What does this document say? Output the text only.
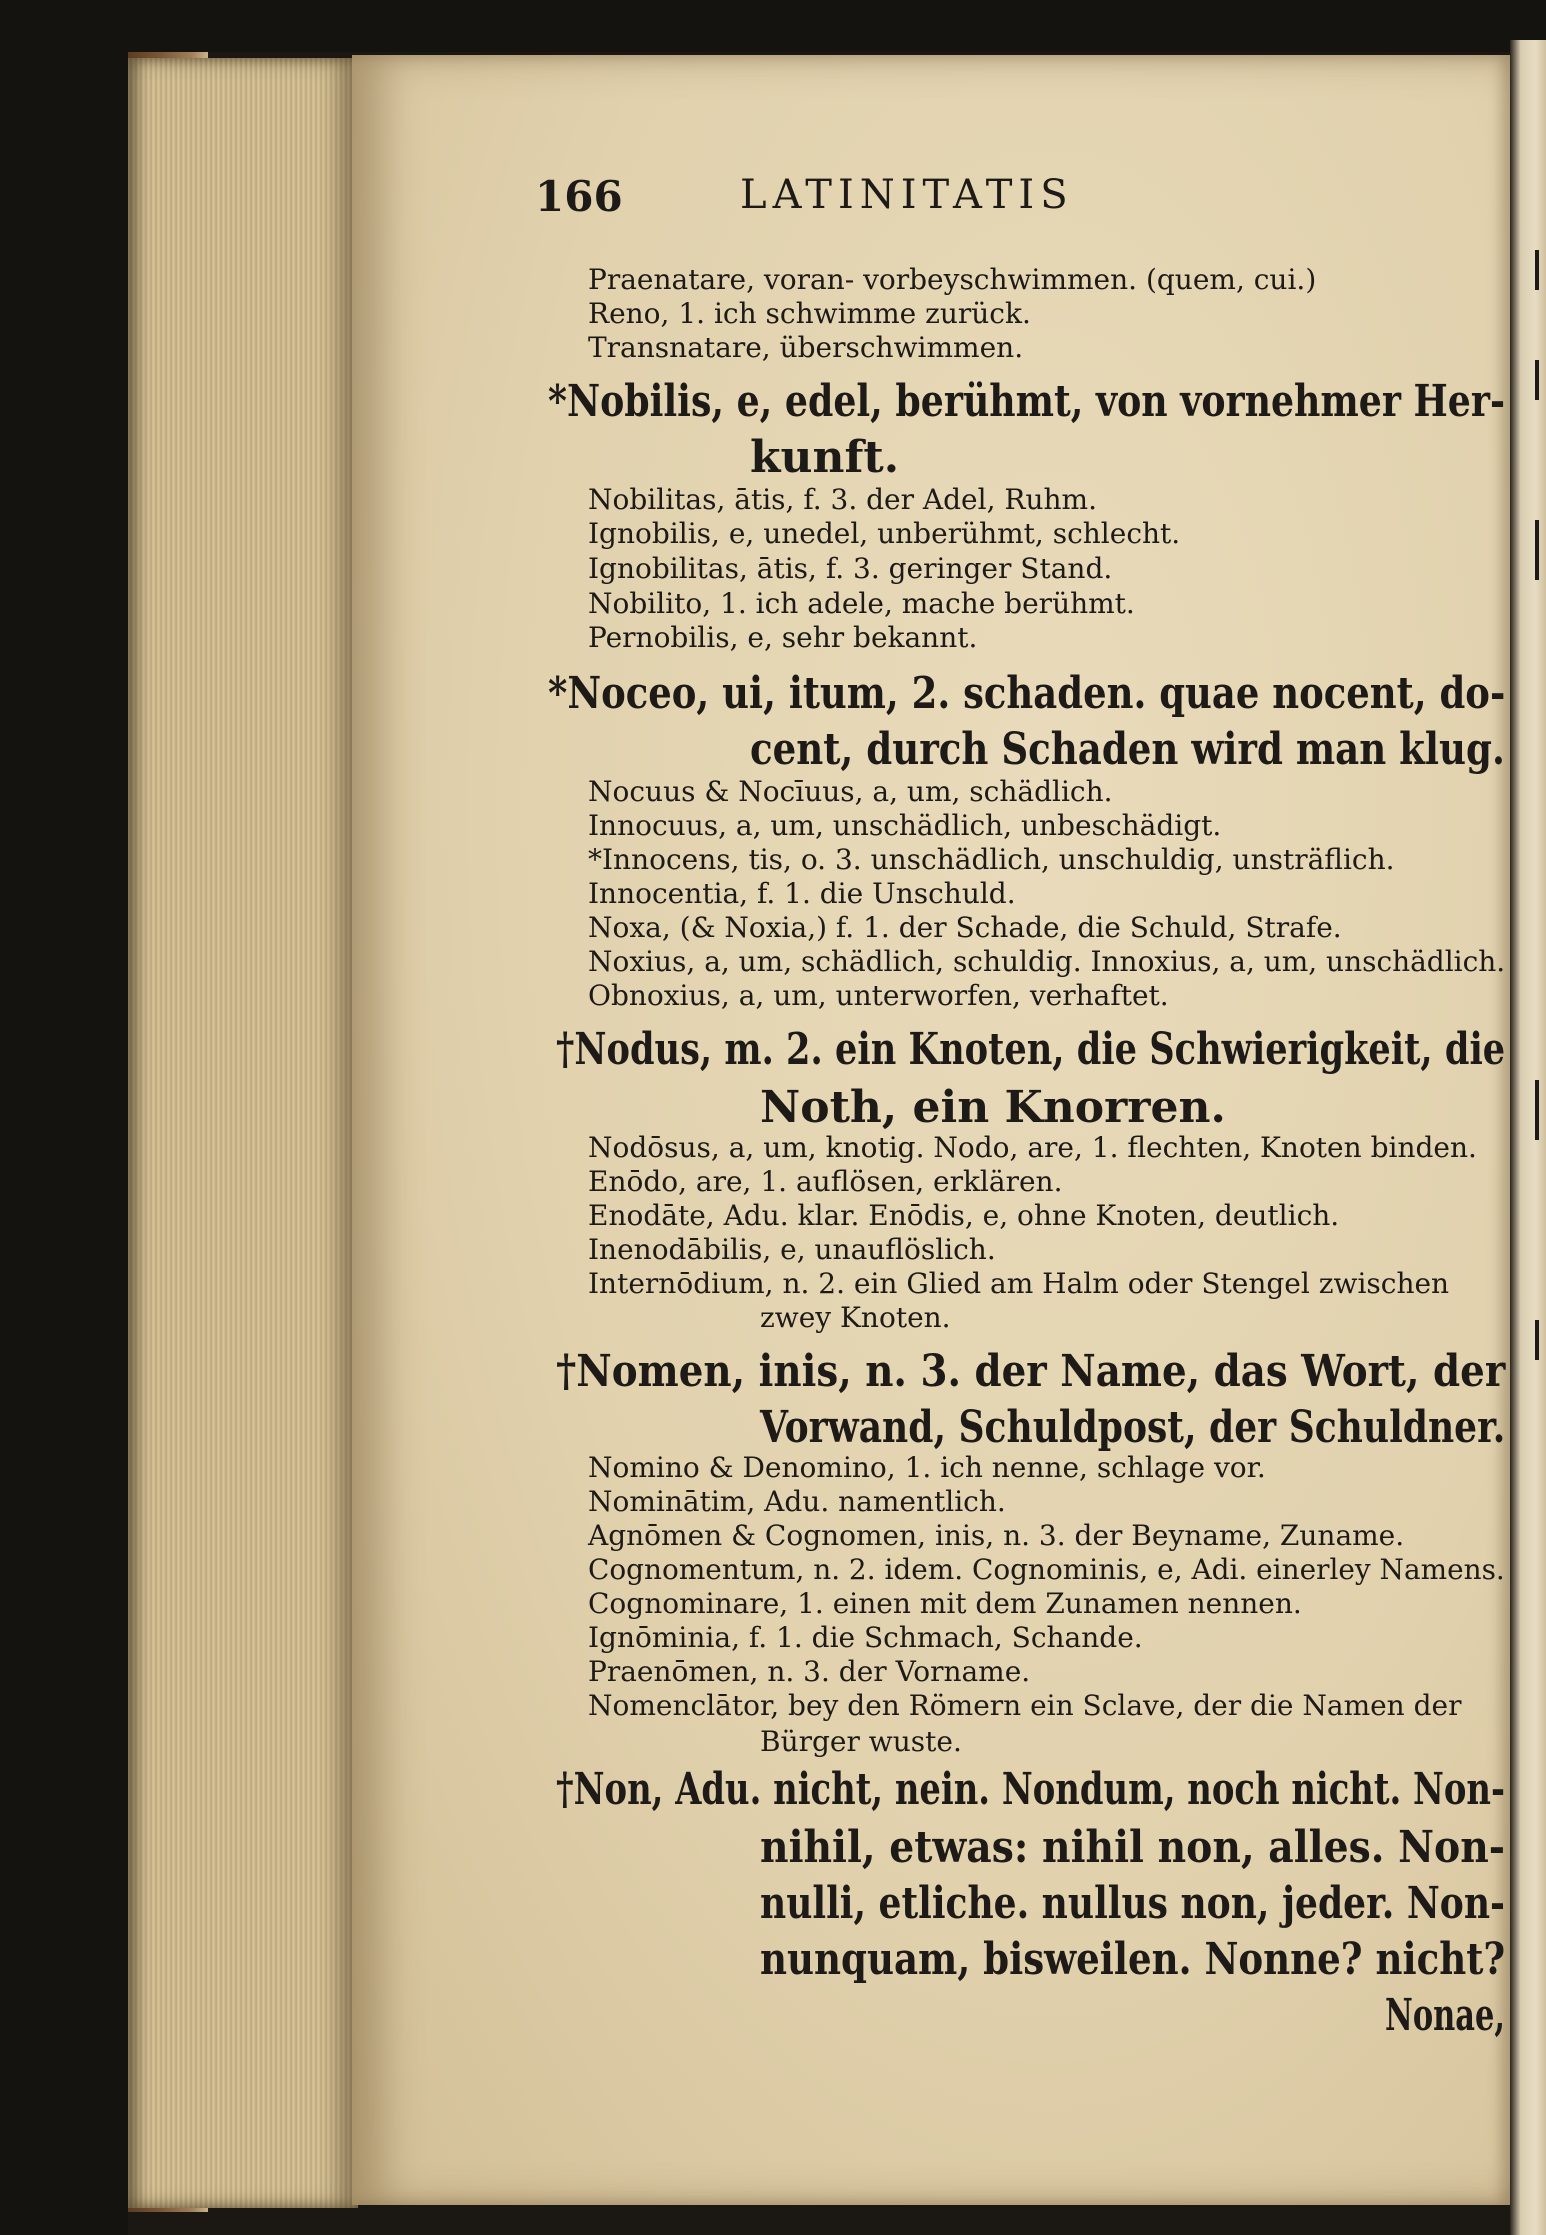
166	LATINITATIS
Praenatare, voran- vorbeyschwimmen. (quem, cui.)
Reno, 1. ich schwimme zurück.
Transnatare, überschwimmen.
*Nobilis, e, edel, berühmt, von vornehmer Her-
kunft.
Nobilitas, ātis, f. 3. der Adel, Ruhm.
Ignobilis, e, unedel, unberühmt, schlecht.
Ignobilitas, ātis, f. 3. geringer Stand.
Nobilito, 1. ich adele, mache berühmt.
Pernobilis, e, sehr bekannt.
*Noceo, ui, itum, 2. schaden. quae nocent, do-
cent, durch Schaden wird man klug.
Nocuus & Nocīuus, a, um, schädlich.
Innocuus, a, um, unschädlich, unbeschädigt.
*Innocens, tis, o. 3. unschädlich, unschuldig, unsträflich.
Innocentia, f. 1. die Unschuld.
Noxa, (& Noxia,) f. 1. der Schade, die Schuld, Strafe.
Noxius, a, um, schädlich, schuldig. Innoxius, a, um, unschädlich.
Obnoxius, a, um, unterworfen, verhaftet.
†Nodus, m. 2. ein Knoten, die Schwierigkeit, die
Noth, ein Knorren.
Nodōsus, a, um, knotig. Nodo, are, 1. flechten, Knoten binden.
Enōdo, are, 1. auflösen, erklären.
Enodāte, Adu. klar. Enōdis, e, ohne Knoten, deutlich.
Inenodābilis, e, unauflöslich.
Internōdium, n. 2. ein Glied am Halm oder Stengel zwischen
zwey Knoten.
†Nomen, inis, n. 3. der Name, das Wort, der
Vorwand, Schuldpost, der Schuldner.
Nomino & Denomino, 1. ich nenne, schlage vor.
Nominātim, Adu. namentlich.
Agnōmen & Cognomen, inis, n. 3. der Beyname, Zuname.
Cognomentum, n. 2. idem. Cognominis, e, Adi. einerley Namens.
Cognominare, 1. einen mit dem Zunamen nennen.
Ignōminia, f. 1. die Schmach, Schande.
Praenōmen, n. 3. der Vorname.
Nomenclātor, bey den Römern ein Sclave, der die Namen der
Bürger wuste.
†Non, Adu. nicht, nein. Nondum, noch nicht. Non-
nihil, etwas: nihil non, alles. Non-
nulli, etliche. nullus non, jeder. Non-
nunquam, bisweilen. Nonne? nicht?
Nonae,
